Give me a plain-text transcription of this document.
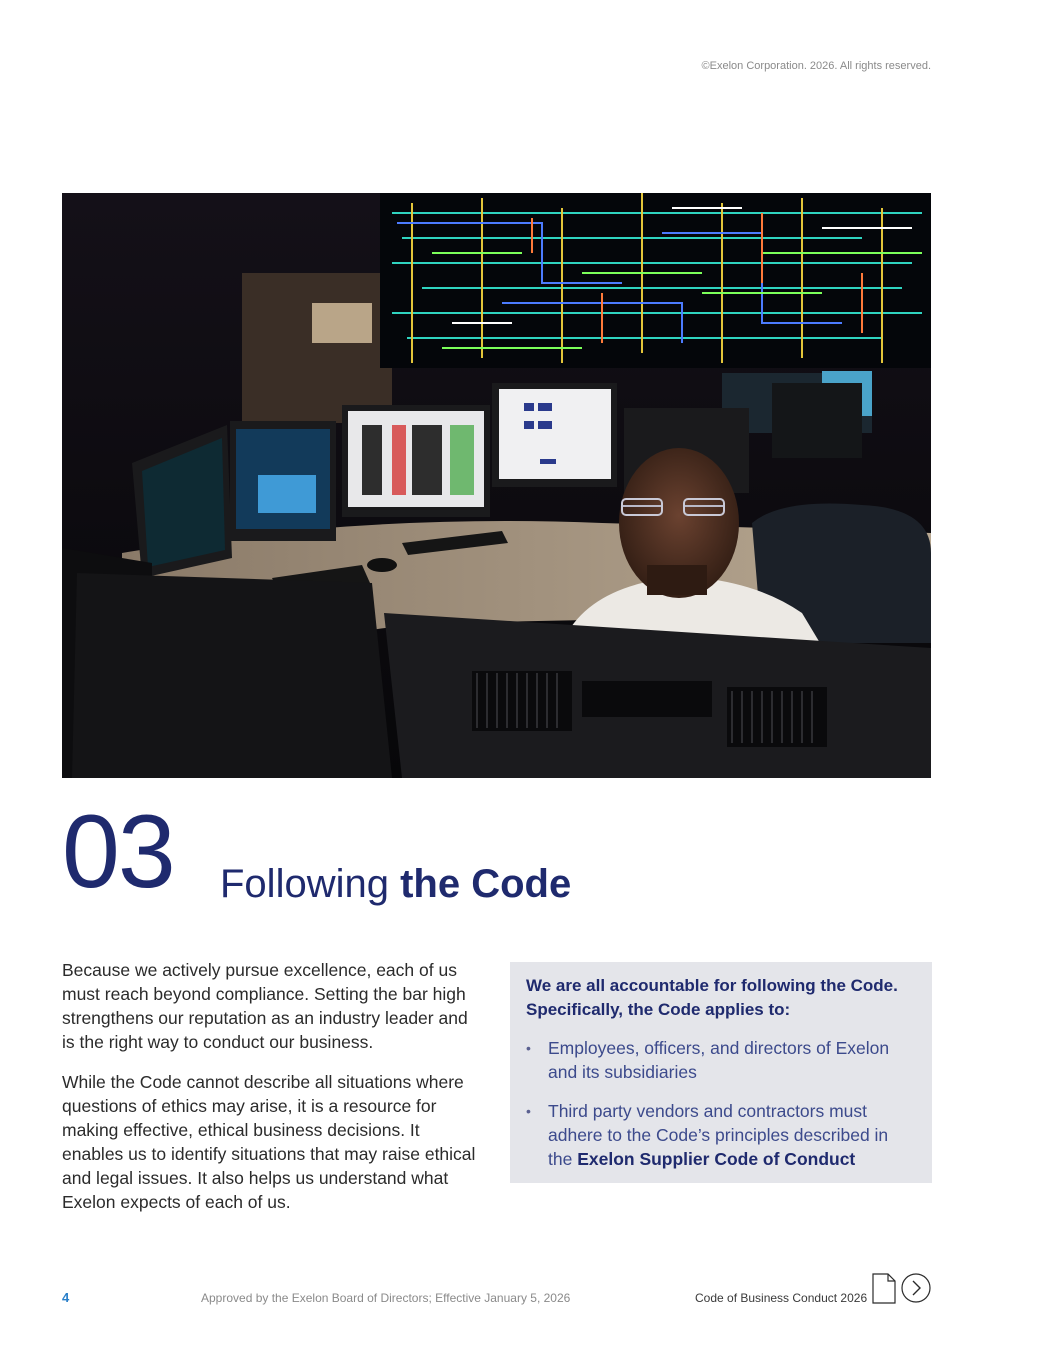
©Exelon Corporation. 2026. All rights reserved.
03 Following the Code

Because we actively pursue excellence, each of us must reach beyond compliance. Setting the bar high strengthens our reputation as an industry leader and is the right way to conduct our business.

While the Code cannot describe all situations where questions of ethics may arise, it is a resource for making effective, ethical business decisions. It enables us to identify situations that may raise ethical and legal issues. It also helps us understand what Exelon expects of each of us.

We are all accountable for following the Code. Specifically, the Code applies to:

• Employees, officers, and directors of Exelon and its subsidiaries
• Third party vendors and contractors must adhere to the Code’s principles described in the Exelon Supplier Code of Conduct
4	Approved by the Exelon Board of Directors; Effective January 5, 2026	Code of Business Conduct 2026
